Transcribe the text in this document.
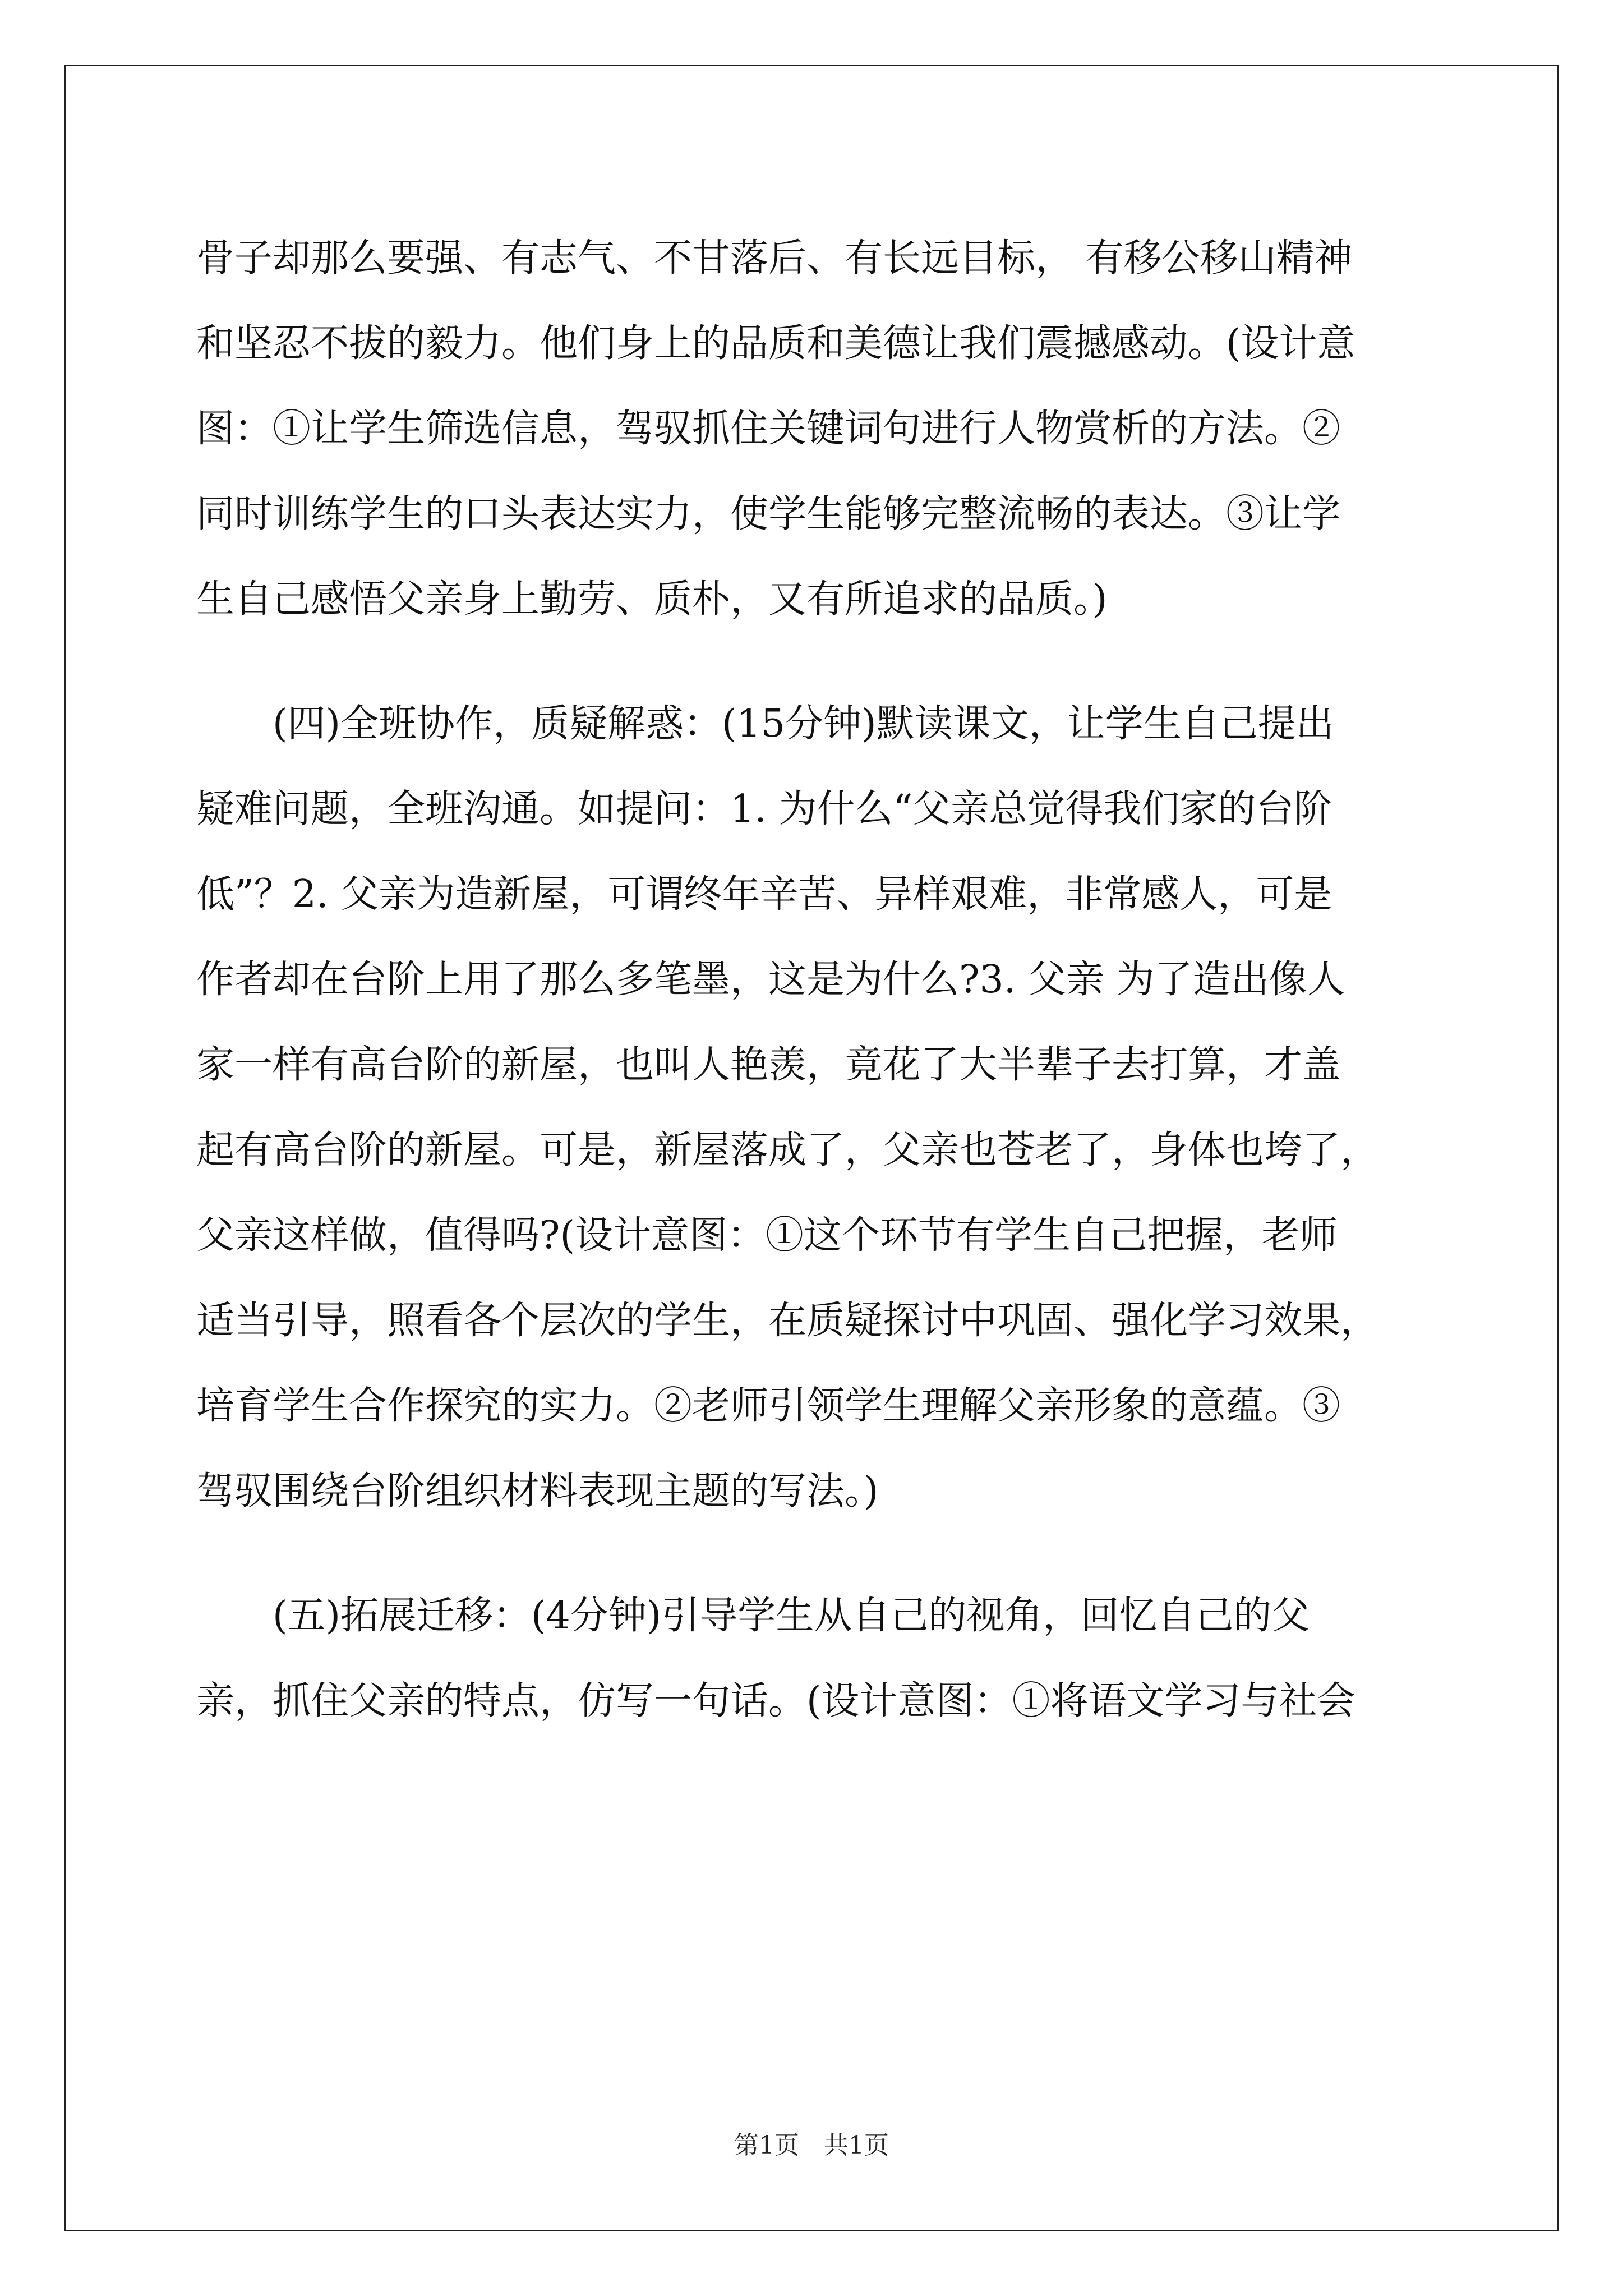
骨子却那么要强、有志气、不甘落后、有长远目标， 有移公移山精神
和坚忍不拔的毅力。他们身上的品质和美德让我们震撼感动。(设计意
图：①让学生筛选信息，驾驭抓住关键词句进行人物赏析的方法。②
同时训练学生的口头表达实力，使学生能够完整流畅的表达。③让学
生自己感悟父亲身上勤劳、质朴，又有所追求的品质。)
(四)全班协作，质疑解惑：(15分钟)默读课文，让学生自己提出
疑难问题，全班沟通。如提问：1. 为什么“父亲总觉得我们家的台阶
低”？2. 父亲为造新屋，可谓终年辛苦、异样艰难，非常感人，可是
作者却在台阶上用了那么多笔墨，这是为什么?3. 父亲 为了造出像人
家一样有高台阶的新屋，也叫人艳羡，竟花了大半辈子去打算，才盖
起有高台阶的新屋。可是，新屋落成了，父亲也苍老了，身体也垮了，
父亲这样做，值得吗?(设计意图：①这个环节有学生自己把握，老师
适当引导，照看各个层次的学生，在质疑探讨中巩固、强化学习效果，
培育学生合作探究的实力。②老师引领学生理解父亲形象的意蕴。③
驾驭围绕台阶组织材料表现主题的写法。)
(五)拓展迁移：(4分钟)引导学生从自己的视角，回忆自己的父
亲，抓住父亲的特点，仿写一句话。(设计意图：①将语文学习与社会
第1页　共1页
